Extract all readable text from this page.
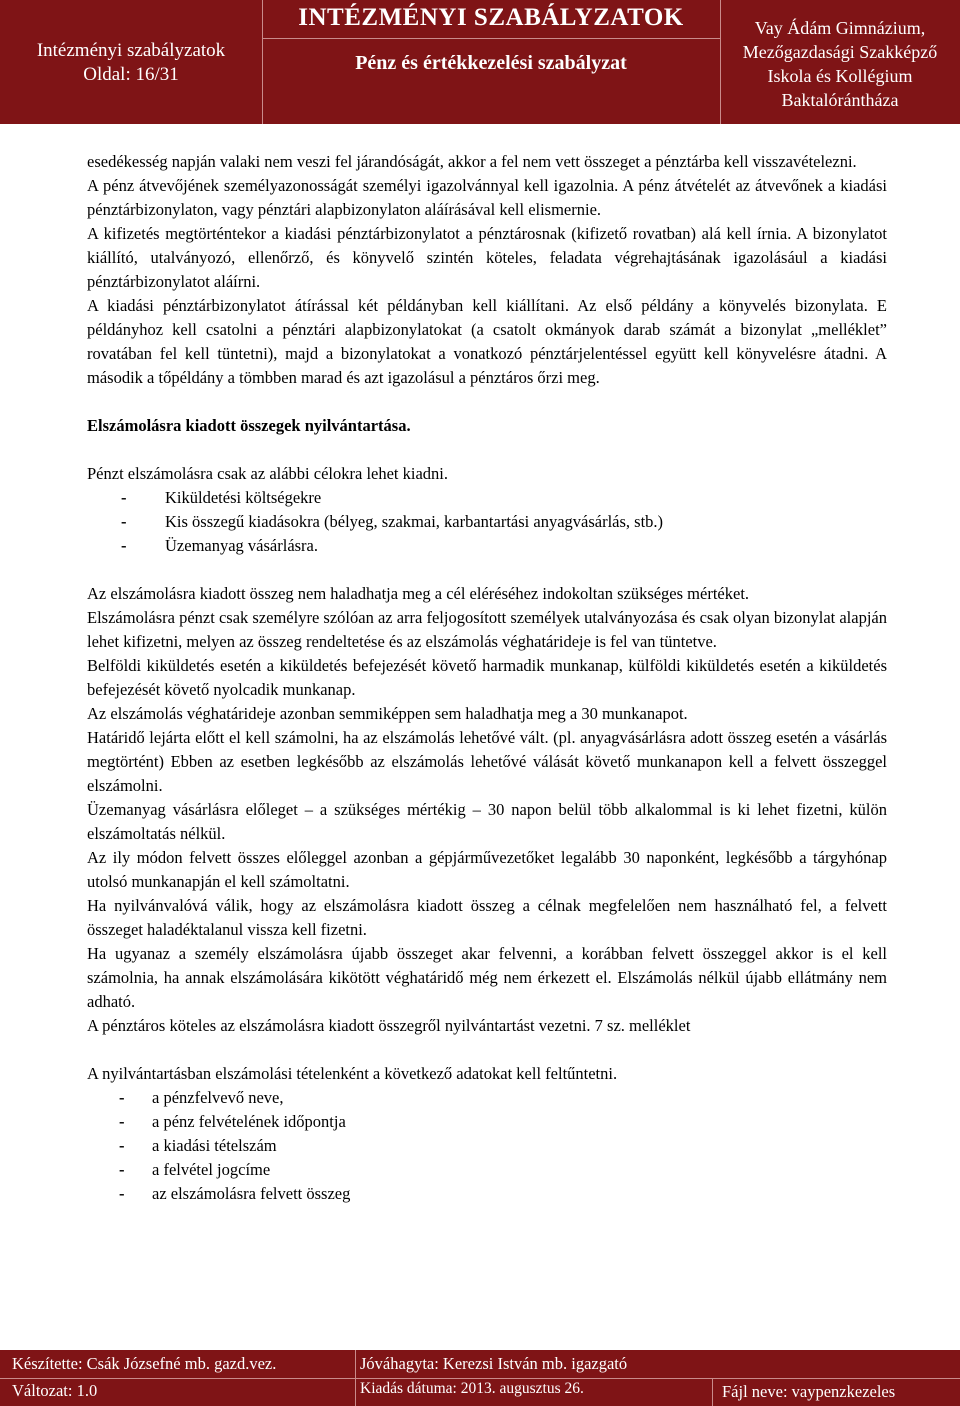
Intézményi szabályzatok
Oldal: 16/31
INTÉZMÉNYI SZABÁLYZATOK
Pénz és értékkezelési szabályzat
Vay Ádám Gimnázium,
Mezőgazdasági Szakképző
Iskola és Kollégium
Baktalórántháza

esedékesség napján valaki nem veszi fel járandóságát, akkor a fel nem vett összeget a pénztárba kell visszavételezni.

A pénz átvevőjének személyazonosságát személyi igazolvánnyal kell igazolnia. A pénz átvételét az átvevőnek a kiadási pénztárbizonylaton, vagy pénztári alapbizonylaton aláírásával kell elismernie.

A kifizetés megtörténtekor a kiadási pénztárbizonylatot a pénztárosnak (kifizető rovatban) alá kell írnia. A bizonylatot kiállító, utalványozó, ellenőrző, és könyvelő szintén köteles, feladata végrehajtásának igazolásául a kiadási pénztárbizonylatot aláírni.

A kiadási pénztárbizonylatot átírással két példányban kell kiállítani. Az első példány a könyvelés bizonylata. E példányhoz kell csatolni a pénztári alapbizonylatokat (a csatolt okmányok darab számát a bizonylat „melléklet” rovatában fel kell tüntetni), majd a bizonylatokat a vonatkozó pénztárjelentéssel együtt kell könyvelésre átadni. A második a tőpéldány a tömbben marad és azt igazolásul a pénztáros őrzi meg.

Elszámolásra kiadott összegek nyilvántartása.

Pénzt elszámolásra csak az alábbi célokra lehet kiadni.

- Kiküldetési költségekre
- Kis összegű kiadásokra (bélyeg, szakmai, karbantartási anyagvásárlás, stb.)
- Üzemanyag vásárlásra.

Az elszámolásra kiadott összeg nem haladhatja meg a cél eléréséhez indokoltan szükséges mértéket.

Elszámolásra pénzt csak személyre szólóan az arra feljogosított személyek utalványozása és csak olyan bizonylat alapján lehet kifizetni, melyen az összeg rendeltetése és az elszámolás véghatárideje is fel van tüntetve.

Belföldi kiküldetés esetén a kiküldetés befejezését követő harmadik munkanap, külföldi kiküldetés esetén a kiküldetés befejezését követő nyolcadik munkanap.

Az elszámolás véghatárideje azonban semmiképpen sem haladhatja meg a 30 munkanapot.

Határidő lejárta előtt el kell számolni, ha az elszámolás lehetővé vált. (pl. anyagvásárlásra adott összeg esetén a vásárlás megtörtént) Ebben az esetben legkésőbb az elszámolás lehetővé válását követő munkanapon kell a felvett összeggel elszámolni.

Üzemanyag vásárlásra előleget – a szükséges mértékig – 30 napon belül több alkalommal is ki lehet fizetni, külön elszámoltatás nélkül.

Az ily módon felvett összes előleggel azonban a gépjárművezetőket legalább 30 naponként, legkésőbb a tárgyhónap utolsó munkanapján el kell számoltatni.

Ha nyilvánvalóvá válik, hogy az elszámolásra kiadott összeg a célnak megfelelően nem használható fel, a felvett összeget haladéktalanul vissza kell fizetni.

Ha ugyanaz a személy elszámolásra újabb összeget akar felvenni, a korábban felvett összeggel akkor is el kell számolnia, ha annak elszámolására kikötött véghatáridő még nem érkezett el. Elszámolás nélkül újabb ellátmány nem adható.

A pénztáros köteles az elszámolásra kiadott összegről nyilvántartást vezetni. 7 sz. melléklet

A nyilvántartásban elszámolási tételenként a következő adatokat kell feltűntetni.

- a pénzfelvevő neve,
- a pénz felvételének időpontja
- a kiadási tételszám
- a felvétel jogcíme
- az elszámolásra felvett összeg
Készítette: Csák Józsefné mb. gazd.vez.	Jóváhagyta: Kerezsi István mb. igazgató
Változat: 1.0	Kiadás dátuma: 2013. augusztus 26.	Fájl neve: vaypenzkezeles
